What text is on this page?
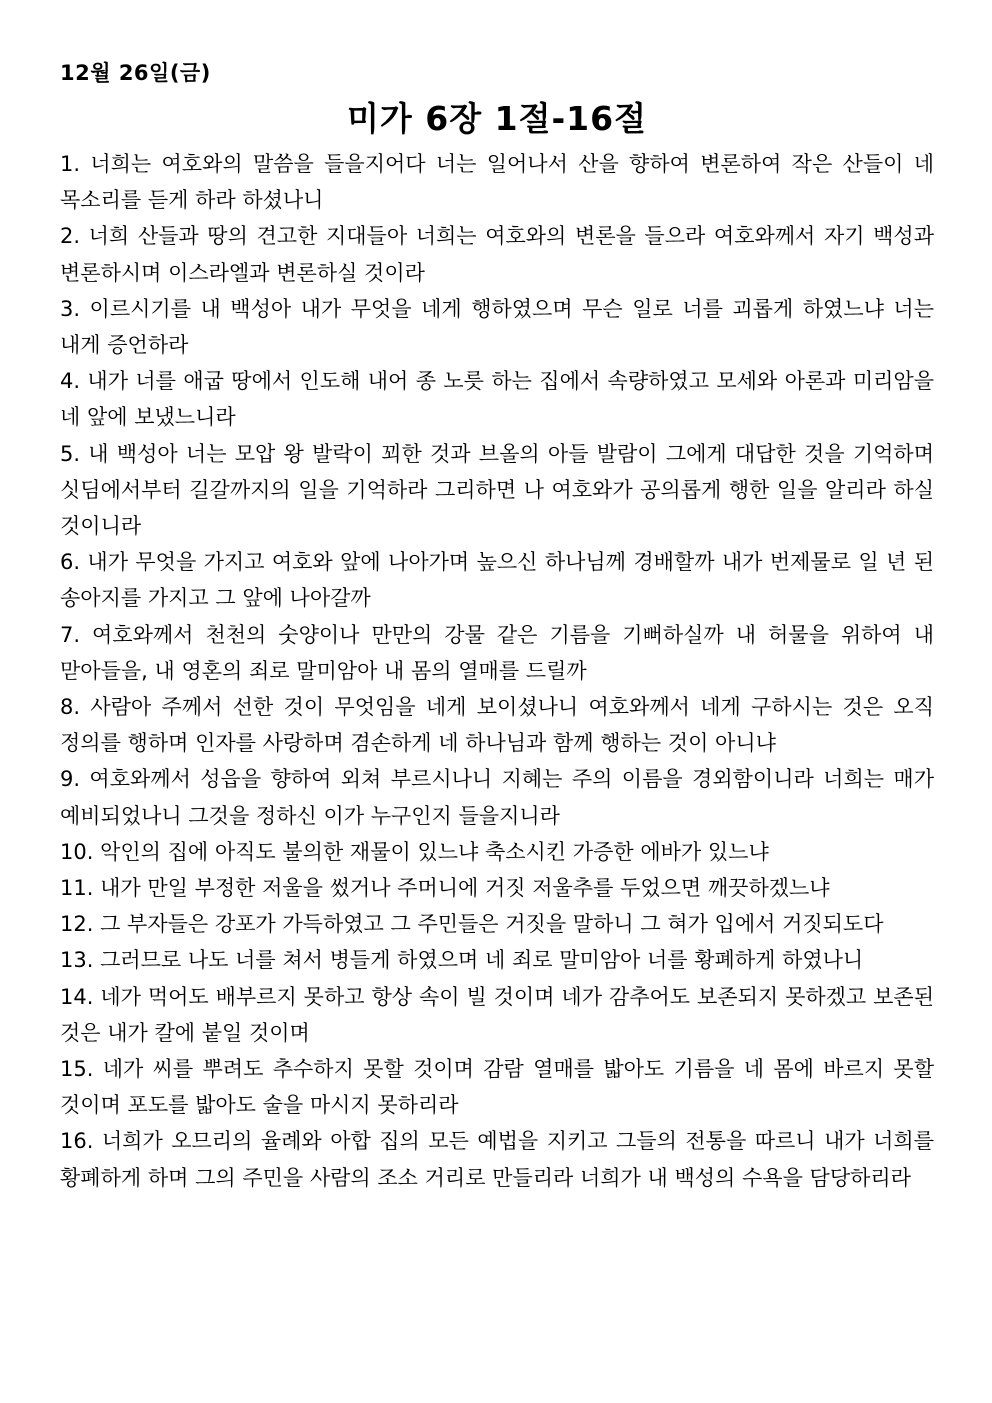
12월 26일(금)
미가 6장 1절-16절

1. 너희는 여호와의 말씀을 들을지어다 너는 일어나서 산을 향하여 변론하여 작은 산들이 네 목소리를 듣게 하라 하셨나니

2. 너희 산들과 땅의 견고한 지대들아 너희는 여호와의 변론을 들으라 여호와께서 자기 백성과 변론하시며 이스라엘과 변론하실 것이라

3. 이르시기를 내 백성아 내가 무엇을 네게 행하였으며 무슨 일로 너를 괴롭게 하였느냐 너는 내게 증언하라

4. 내가 너를 애굽 땅에서 인도해 내어 종 노릇 하는 집에서 속량하였고 모세와 아론과 미리암을 네 앞에 보냈느니라

5. 내 백성아 너는 모압 왕 발락이 꾀한 것과 브올의 아들 발람이 그에게 대답한 것을 기억하며 싯딤에서부터 길갈까지의 일을 기억하라 그리하면 나 여호와가 공의롭게 행한 일을 알리라 하실 것이니라

6. 내가 무엇을 가지고 여호와 앞에 나아가며 높으신 하나님께 경배할까 내가 번제물로 일 년 된 송아지를 가지고 그 앞에 나아갈까

7. 여호와께서 천천의 숫양이나 만만의 강물 같은 기름을 기뻐하실까 내 허물을 위하여 내 맏아들을, 내 영혼의 죄로 말미암아 내 몸의 열매를 드릴까

8. 사람아 주께서 선한 것이 무엇임을 네게 보이셨나니 여호와께서 네게 구하시는 것은 오직 정의를 행하며 인자를 사랑하며 겸손하게 네 하나님과 함께 행하는 것이 아니냐

9. 여호와께서 성읍을 향하여 외쳐 부르시나니 지혜는 주의 이름을 경외함이니라 너희는 매가 예비되었나니 그것을 정하신 이가 누구인지 들을지니라

10. 악인의 집에 아직도 불의한 재물이 있느냐 축소시킨 가증한 에바가 있느냐

11. 내가 만일 부정한 저울을 썼거나 주머니에 거짓 저울추를 두었으면 깨끗하겠느냐

12. 그 부자들은 강포가 가득하였고 그 주민들은 거짓을 말하니 그 혀가 입에서 거짓되도다

13. 그러므로 나도 너를 쳐서 병들게 하였으며 네 죄로 말미암아 너를 황폐하게 하였나니

14. 네가 먹어도 배부르지 못하고 항상 속이 빌 것이며 네가 감추어도 보존되지 못하겠고 보존된 것은 내가 칼에 붙일 것이며

15. 네가 씨를 뿌려도 추수하지 못할 것이며 감람 열매를 밟아도 기름을 네 몸에 바르지 못할 것이며 포도를 밟아도 술을 마시지 못하리라

16. 너희가 오므리의 율례와 아합 집의 모든 예법을 지키고 그들의 전통을 따르니 내가 너희를 황폐하게 하며 그의 주민을 사람의 조소 거리로 만들리라 너희가 내 백성의 수욕을 담당하리라
